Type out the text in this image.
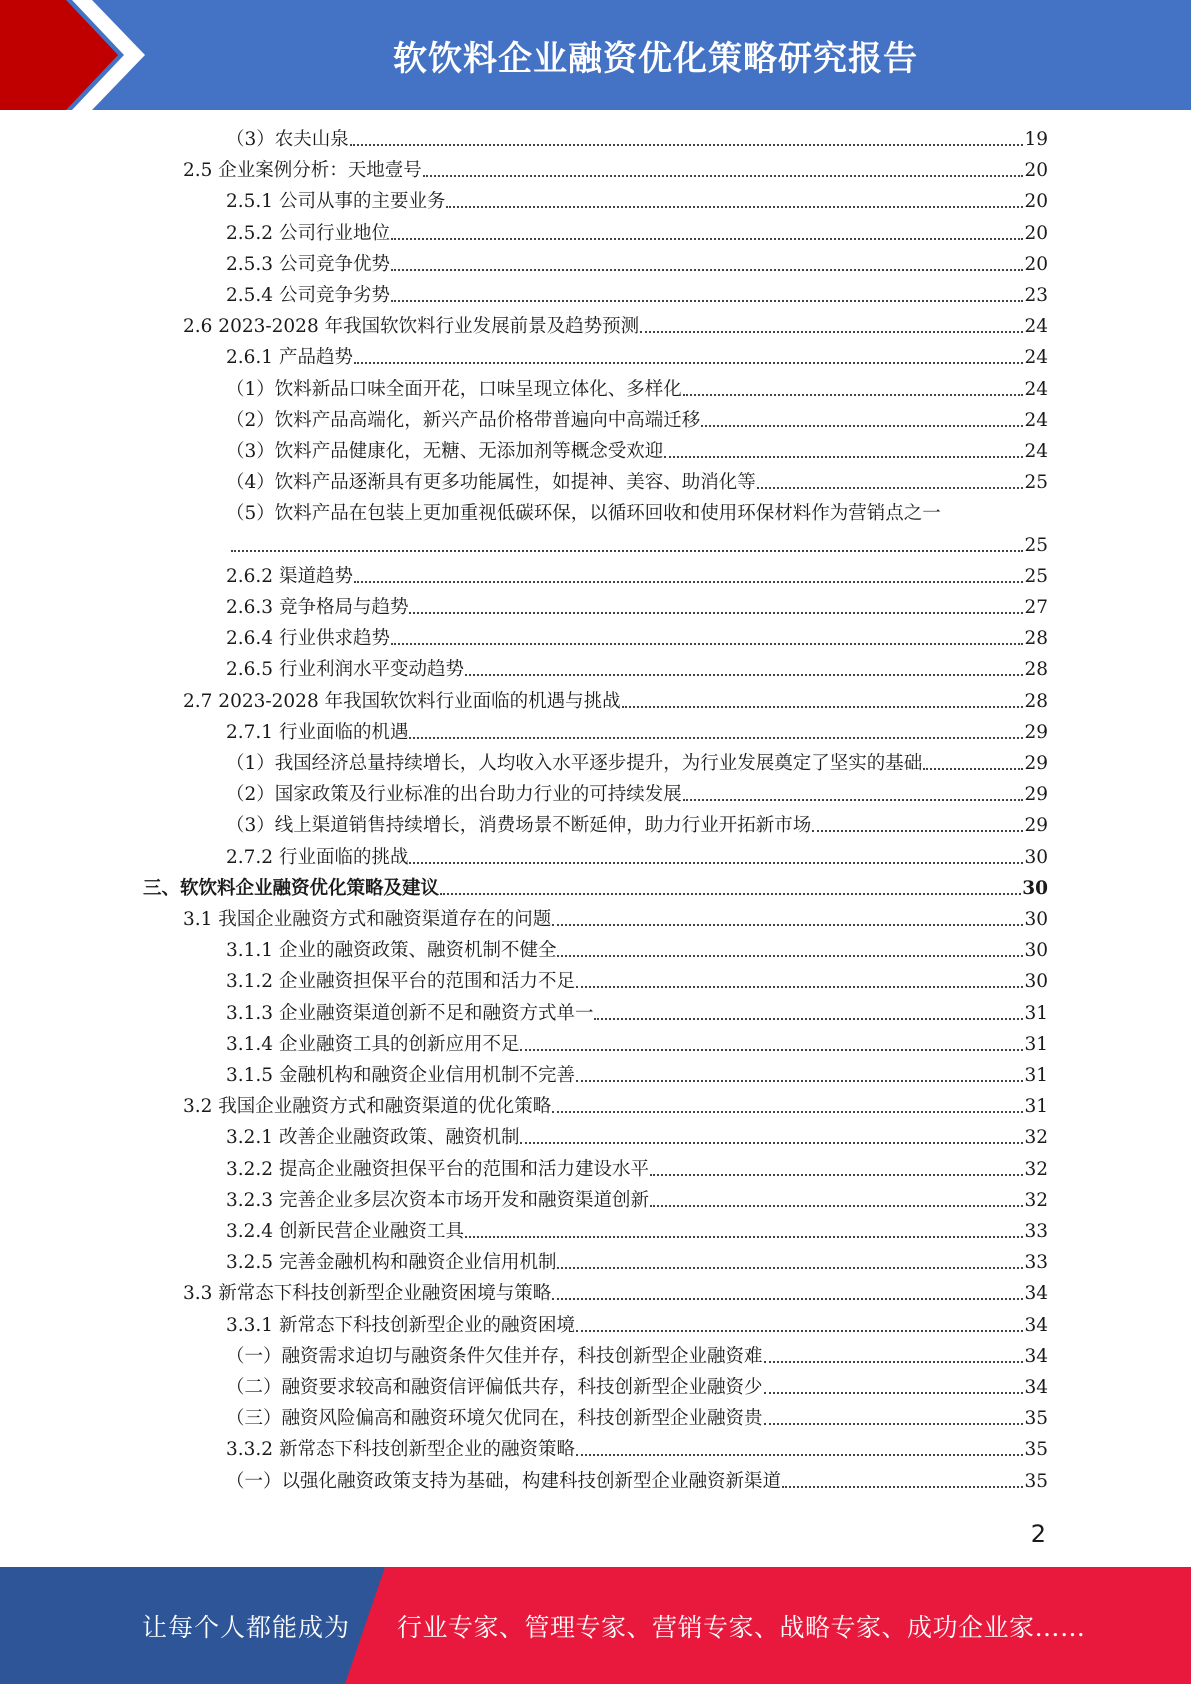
软饮料企业融资优化策略研究报告
（3）农夫山泉	19
2.5 企业案例分析：天地壹号	20
2.5.1 公司从事的主要业务	20
2.5.2 公司行业地位	20
2.5.3 公司竞争优势	20
2.5.4 公司竞争劣势	23
2.6 2023-2028 年我国软饮料行业发展前景及趋势预测	24
2.6.1 产品趋势	24
（1）饮料新品口味全面开花，口味呈现立体化、多样化	24
（2）饮料产品高端化，新兴产品价格带普遍向中高端迁移	24
（3）饮料产品健康化，无糖、无添加剂等概念受欢迎	24
（4）饮料产品逐渐具有更多功能属性，如提神、美容、助消化等	25
（5）饮料产品在包装上更加重视低碳环保，以循环回收和使用环保材料作为营销点之一
25
2.6.2 渠道趋势	25
2.6.3 竞争格局与趋势	27
2.6.4 行业供求趋势	28
2.6.5 行业利润水平变动趋势	28
2.7 2023-2028 年我国软饮料行业面临的机遇与挑战	28
2.7.1 行业面临的机遇	29
（1）我国经济总量持续增长，人均收入水平逐步提升，为行业发展奠定了坚实的基础	29
（2）国家政策及行业标准的出台助力行业的可持续发展	29
（3）线上渠道销售持续增长，消费场景不断延伸，助力行业开拓新市场	29
2.7.2 行业面临的挑战	30
三、软饮料企业融资优化策略及建议	30
3.1 我国企业融资方式和融资渠道存在的问题	30
3.1.1 企业的融资政策、融资机制不健全	30
3.1.2 企业融资担保平台的范围和活力不足	30
3.1.3 企业融资渠道创新不足和融资方式单一	31
3.1.4 企业融资工具的创新应用不足	31
3.1.5 金融机构和融资企业信用机制不完善	31
3.2 我国企业融资方式和融资渠道的优化策略	31
3.2.1 改善企业融资政策、融资机制	32
3.2.2 提高企业融资担保平台的范围和活力建设水平	32
3.2.3 完善企业多层次资本市场开发和融资渠道创新	32
3.2.4 创新民营企业融资工具	33
3.2.5 完善金融机构和融资企业信用机制	33
3.3 新常态下科技创新型企业融资困境与策略	34
3.3.1 新常态下科技创新型企业的融资困境	34
（一）融资需求迫切与融资条件欠佳并存，科技创新型企业融资难	34
（二）融资要求较高和融资信评偏低共存，科技创新型企业融资少	34
（三）融资风险偏高和融资环境欠优同在，科技创新型企业融资贵	35
3.3.2 新常态下科技创新型企业的融资策略	35
（一）以强化融资政策支持为基础，构建科技创新型企业融资新渠道	35
2
让每个人都能成为 行业专家、管理专家、营销专家、战略专家、成功企业家……
